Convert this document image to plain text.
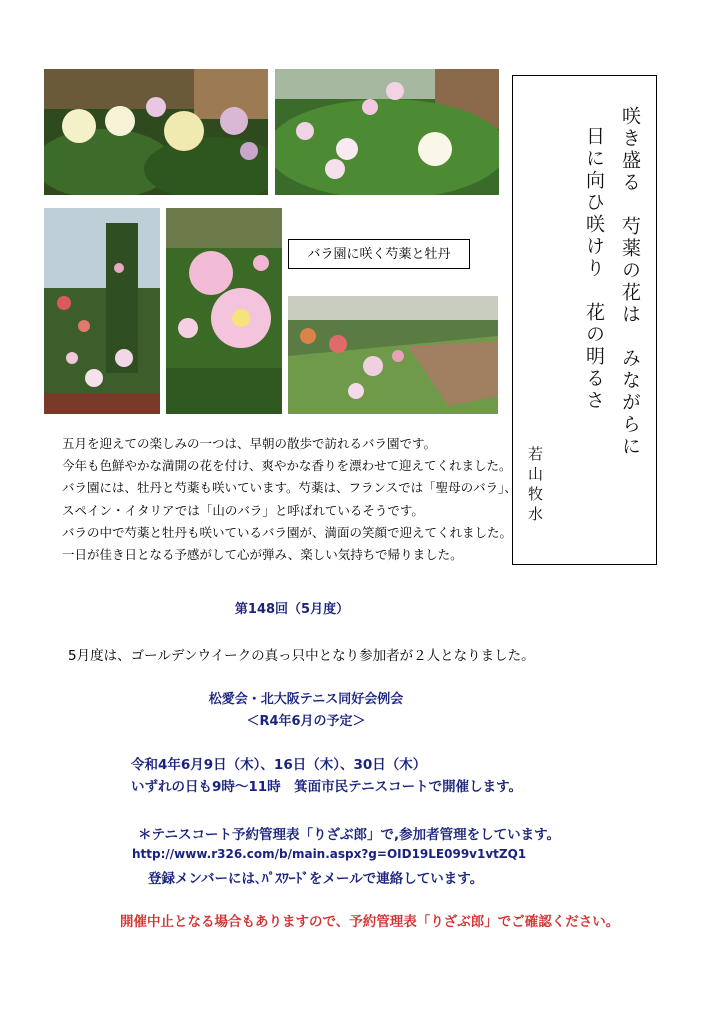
バラ園に咲く芍薬と牡丹	咲き盛る　芍薬の花は　みながらに
日に向ひ咲けり　花の明るさ
若山牧水
五月を迎えての楽しみの一つは、早朝の散歩で訪れるバラ園です。
今年も色鮮やかな満開の花を付け、爽やかな香りを漂わせて迎えてくれました。
バラ園には、牡丹と芍薬も咲いています。芍薬は、フランスでは「聖母のバラ」、
スペイン・イタリアでは「山のバラ」と呼ばれているそうです。
バラの中で芍薬と牡丹も咲いているバラ園が、満面の笑顔で迎えてくれました。
一日が佳き日となる予感がして心が弾み、楽しい気持ちで帰りました。
第148回（5月度）
5月度は、ゴールデンウイークの真っ只中となり参加者が２人となりました。
松愛会・北大阪テニス同好会例会
＜R4年6月の予定＞
令和4年6月9日（木）、16日（木）、30日（木）
いずれの日も9時～11時　箕面市民テニスコートで開催します。
＊テニスコート予約管理表「りざぶ郎」で,参加者管理をしています。
http://www.r326.com/b/main.aspx?g=OID19LE099v1vtZQ1
登録メンバーには､ﾊﾟｽﾜｰﾄﾞをメールで連絡しています。
開催中止となる場合もありますので、予約管理表「りざぶ郎」でご確認ください。
